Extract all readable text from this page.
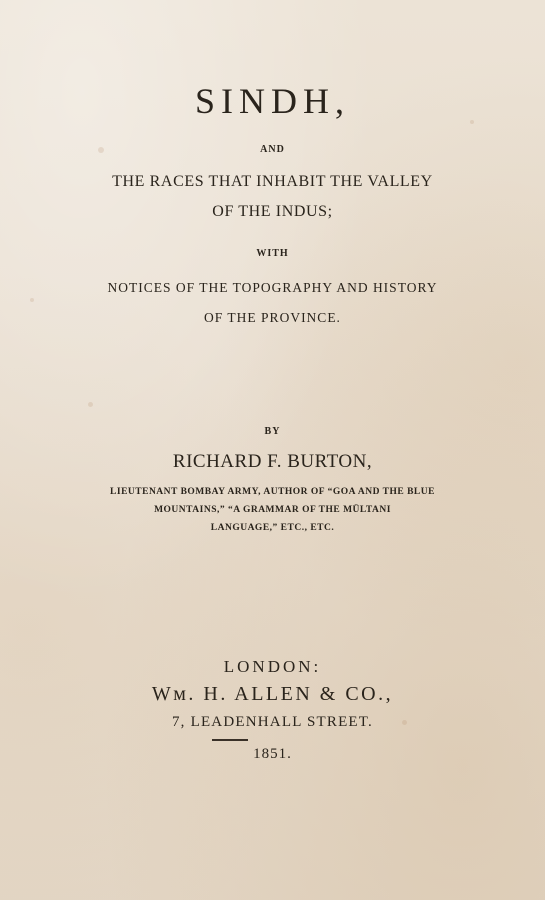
SINDH,
AND
THE RACES THAT INHABIT THE VALLEY
OF THE INDUS;
WITH
NOTICES OF THE TOPOGRAPHY AND HISTORY
OF THE PROVINCE.
BY
RICHARD F. BURTON,
LIEUTENANT BOMBAY ARMY, AUTHOR OF “GOA AND THE BLUE
MOUNTAINS,” “A GRAMMAR OF THE MŪLTANI
LANGUAGE,” ETC., ETC.
LONDON:
Wᴍ. H. ALLEN & CO.,
7, LEADENHALL STREET.
1851.
